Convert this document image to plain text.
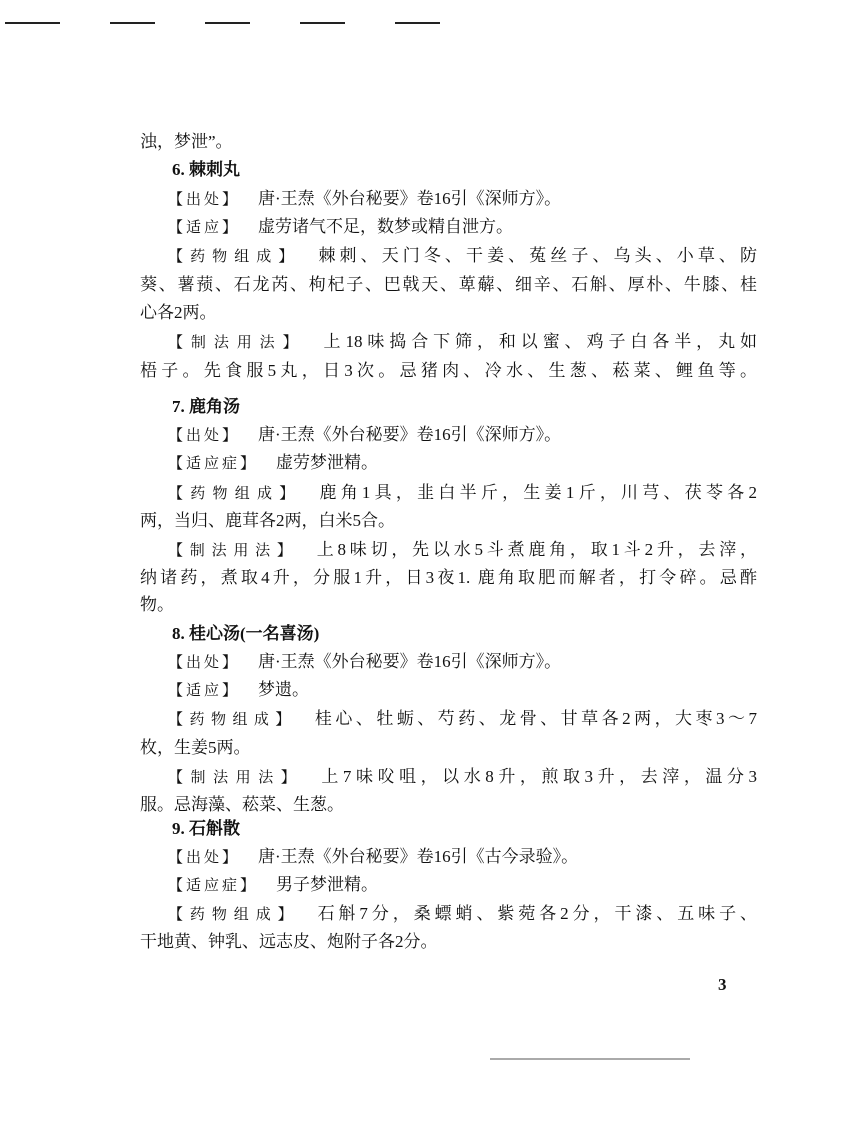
浊，梦泄”。
6. 棘刺丸
【出处】 唐·王焘《外台秘要》卷16引《深师方》。
【适应】 虚劳诸气不足，数梦或精自泄方。
【药物组成】 棘刺、天门冬、干姜、菟丝子、乌头、小草、防
葵、薯蓣、石龙芮、枸杞子、巴戟天、萆薢、细辛、石斛、厚朴、牛膝、桂
心各2两。
【制法用法】 上18味捣合下筛，和以蜜、鸡子白各半，丸如
梧子。先食服5丸，日3次。忌猪肉、冷水、生葱、菘菜、鲤鱼等。
7. 鹿角汤
【出处】 唐·王焘《外台秘要》卷16引《深师方》。
【适应症】 虚劳梦泄精。
【药物组成】 鹿角1具，韭白半斤，生姜1斤，川芎、茯苓各2
两，当归、鹿茸各2两，白米5合。
【制法用法】 上8味切，先以水5斗煮鹿角，取1斗2升，去滓，
纳诸药，煮取4升，分服1升，日3夜1. 鹿角取肥而解者，打令碎。忌酢
物。
8. 桂心汤(一名喜汤)
【出处】 唐·王焘《外台秘要》卷16引《深师方》。
【适应】 梦遗。
【药物组成】 桂心、牡蛎、芍药、龙骨、甘草各2两，大枣3～7
枚，生姜5两。
【制法用法】 上7味㕮咀，以水8升，煎取3升，去滓，温分3
服。忌海藻、菘菜、生葱。
9. 石斛散
【出处】 唐·王焘《外台秘要》卷16引《古今录验》。
【适应症】 男子梦泄精。
【药物组成】 石斛7分，桑螵蛸、紫菀各2分，干漆、五味子、
干地黄、钟乳、远志皮、炮附子各2分。
3
